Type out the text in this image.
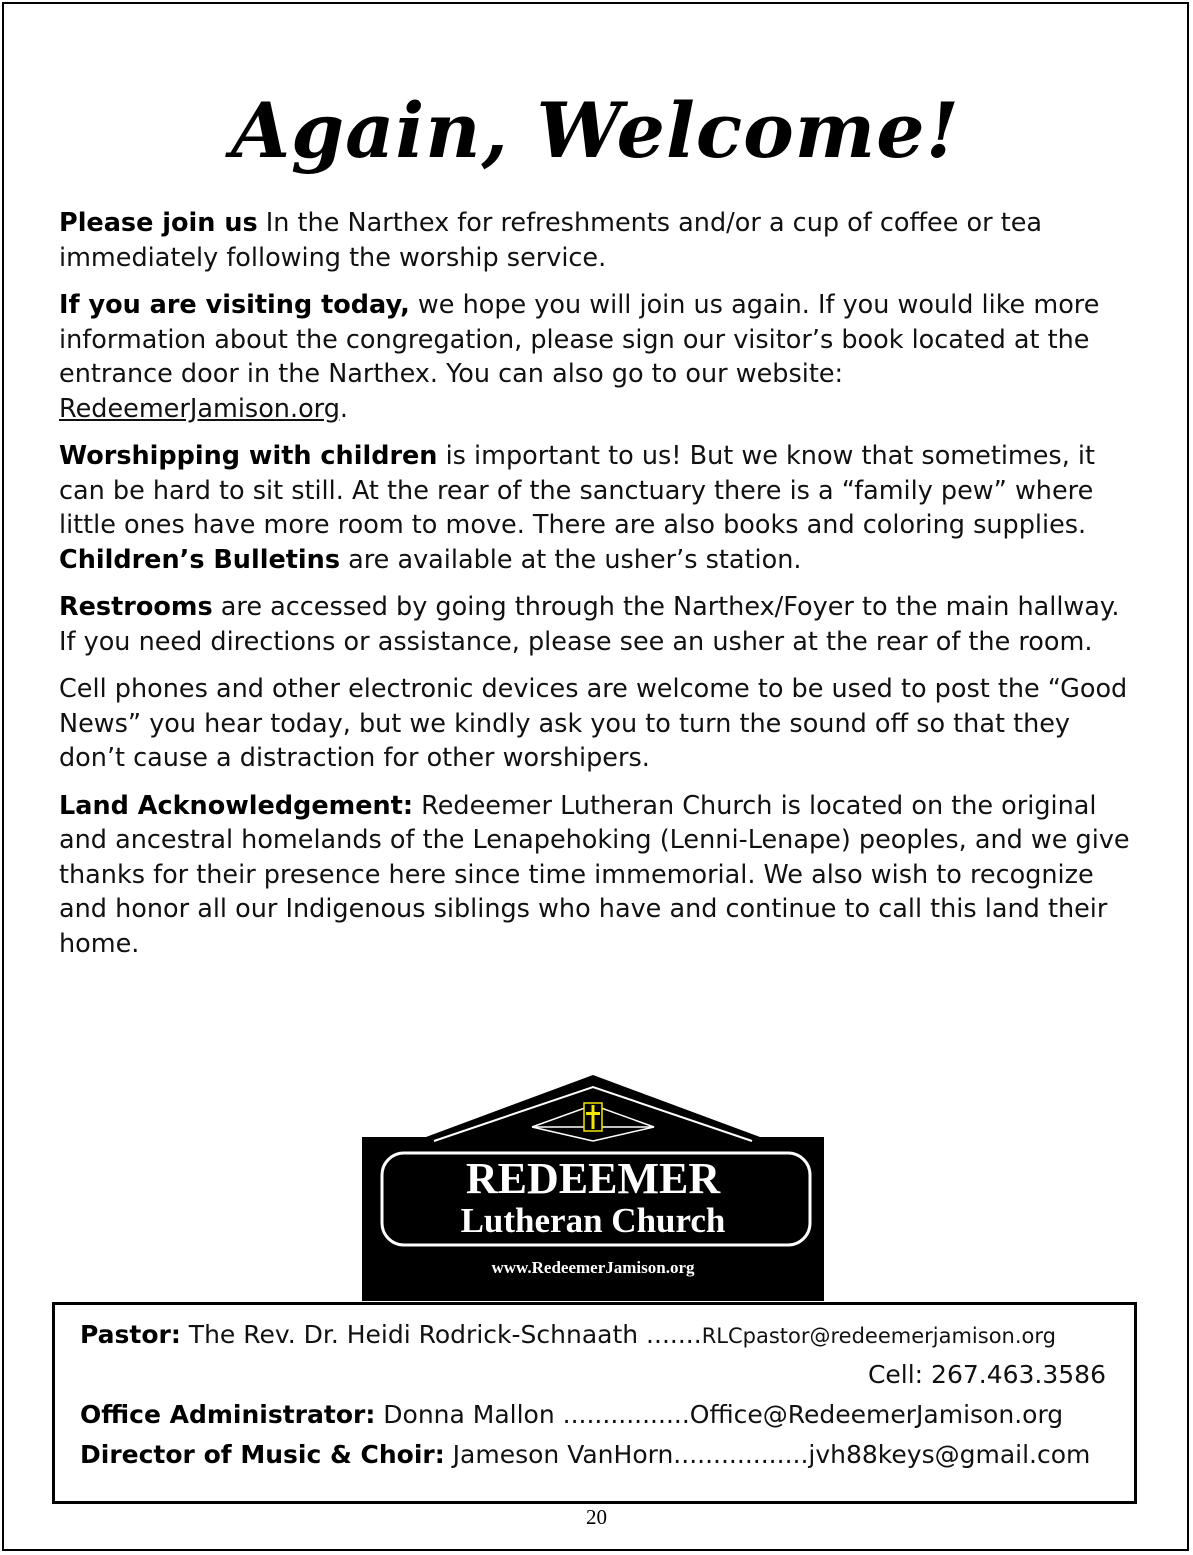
Again, Welcome!

Please join us In the Narthex for refreshments and/or a cup of coffee or tea immediately following the worship service.

If you are visiting today, we hope you will join us again. If you would like more information about the congregation, please sign our visitor’s book located at the entrance door in the Narthex. You can also go to our website: RedeemerJamison.org.

Worshipping with children is important to us! But we know that sometimes, it can be hard to sit still. At the rear of the sanctuary there is a “family pew” where little ones have more room to move. There are also books and coloring supplies. Children’s Bulletins are available at the usher’s station.

Restrooms are accessed by going through the Narthex/Foyer to the main hallway. If you need directions or assistance, please see an usher at the rear of the room.

Cell phones and other electronic devices are welcome to be used to post the “Good News” you hear today, but we kindly ask you to turn the sound off so that they don’t cause a distraction for other worshipers.

Land Acknowledgement: Redeemer Lutheran Church is located on the original and ancestral homelands of the Lenapehoking (Lenni-Lenape) peoples, and we give thanks for their presence here since time immemorial. We also wish to recognize and honor all our Indigenous siblings who have and continue to call this land their home.

REDEEMER
Lutheran Church
www.RedeemerJamison.org
Pastor: The Rev. Dr. Heidi Rodrick-Schnaath .......RLCpastor@redeemerjamison.org
Cell: 267.463.3586
Office Administrator: Donna Mallon ................Office@RedeemerJamison.org
Director of Music & Choir: Jameson VanHorn.................jvh88keys@gmail.com
20
